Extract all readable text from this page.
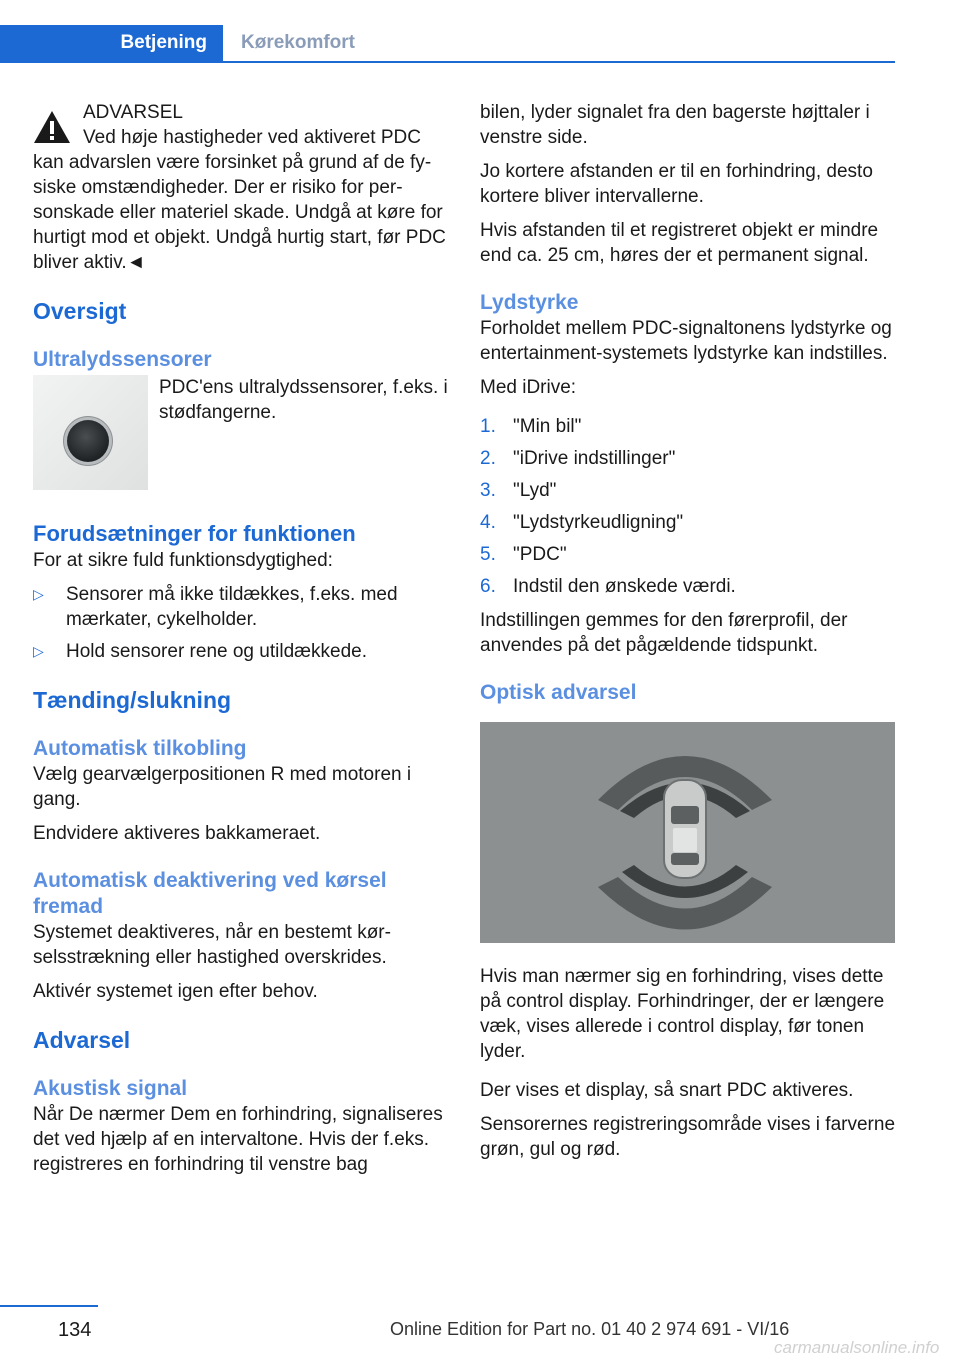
Betjening	Kørekomfort

ADVARSEL

Ved høje hastigheder ved aktiveret PDC

kan advarslen være forsinket på grund af de fysiske omstændigheder. Der er risiko for personskade eller materiel skade. Undgå at køre for hurtigt mod et objekt. Undgå hurtig start, før PDC bliver aktiv.◄

Oversigt
Ultralydssensorer
PDC'ens ultralydssensorer, f.eks. i stødfangerne.
Forudsætninger for funktionen

For at sikre fuld funktionsdygtighed:

▷ Sensorer må ikke tildækkes, f.eks. med mærkater, cykelholder.
▷ Hold sensorer rene og utildækkede.
Tænding/slukning
Automatisk tilkobling

Vælg gearvælgerpositionen R med motoren i gang.

Endvidere aktiveres bakkameraet.

Automatisk deaktivering ved kørsel fremad

Systemet deaktiveres, når en bestemt kørselsstrækning eller hastighed overskrides.

Aktivér systemet igen efter behov.

Advarsel
Akustisk signal

Når De nærmer Dem en forhindring, signaliseres det ved hjælp af en intervaltone. Hvis der f.eks. registreres en forhindring til venstre bag

bilen, lyder signalet fra den bagerste højttaler i venstre side.

Jo kortere afstanden er til en forhindring, desto kortere bliver intervallerne.

Hvis afstanden til et registreret objekt er mindre end ca. 25 cm, høres der et permanent signal.

Lydstyrke

Forholdet mellem PDC-signaltonens lydstyrke og entertainment-systemets lydstyrke kan indstilles.

Med iDrive:

1. "Min bil"
2. "iDrive indstillinger"
3. "Lyd"
4. "Lydstyrkeudligning"
5. "PDC"
6. Indstil den ønskede værdi.

Indstillingen gemmes for den førerprofil, der anvendes på det pågældende tidspunkt.

Optisk advarsel

Hvis man nærmer sig en forhindring, vises dette på control display. Forhindringer, der er længere væk, vises allerede i control display, før tonen lyder.

Der vises et display, så snart PDC aktiveres.

Sensorernes registreringsområde vises i farverne grøn, gul og rød.

134	Online Edition for Part no. 01 40 2 974 691 - VI/16
carmanualsonline.info
